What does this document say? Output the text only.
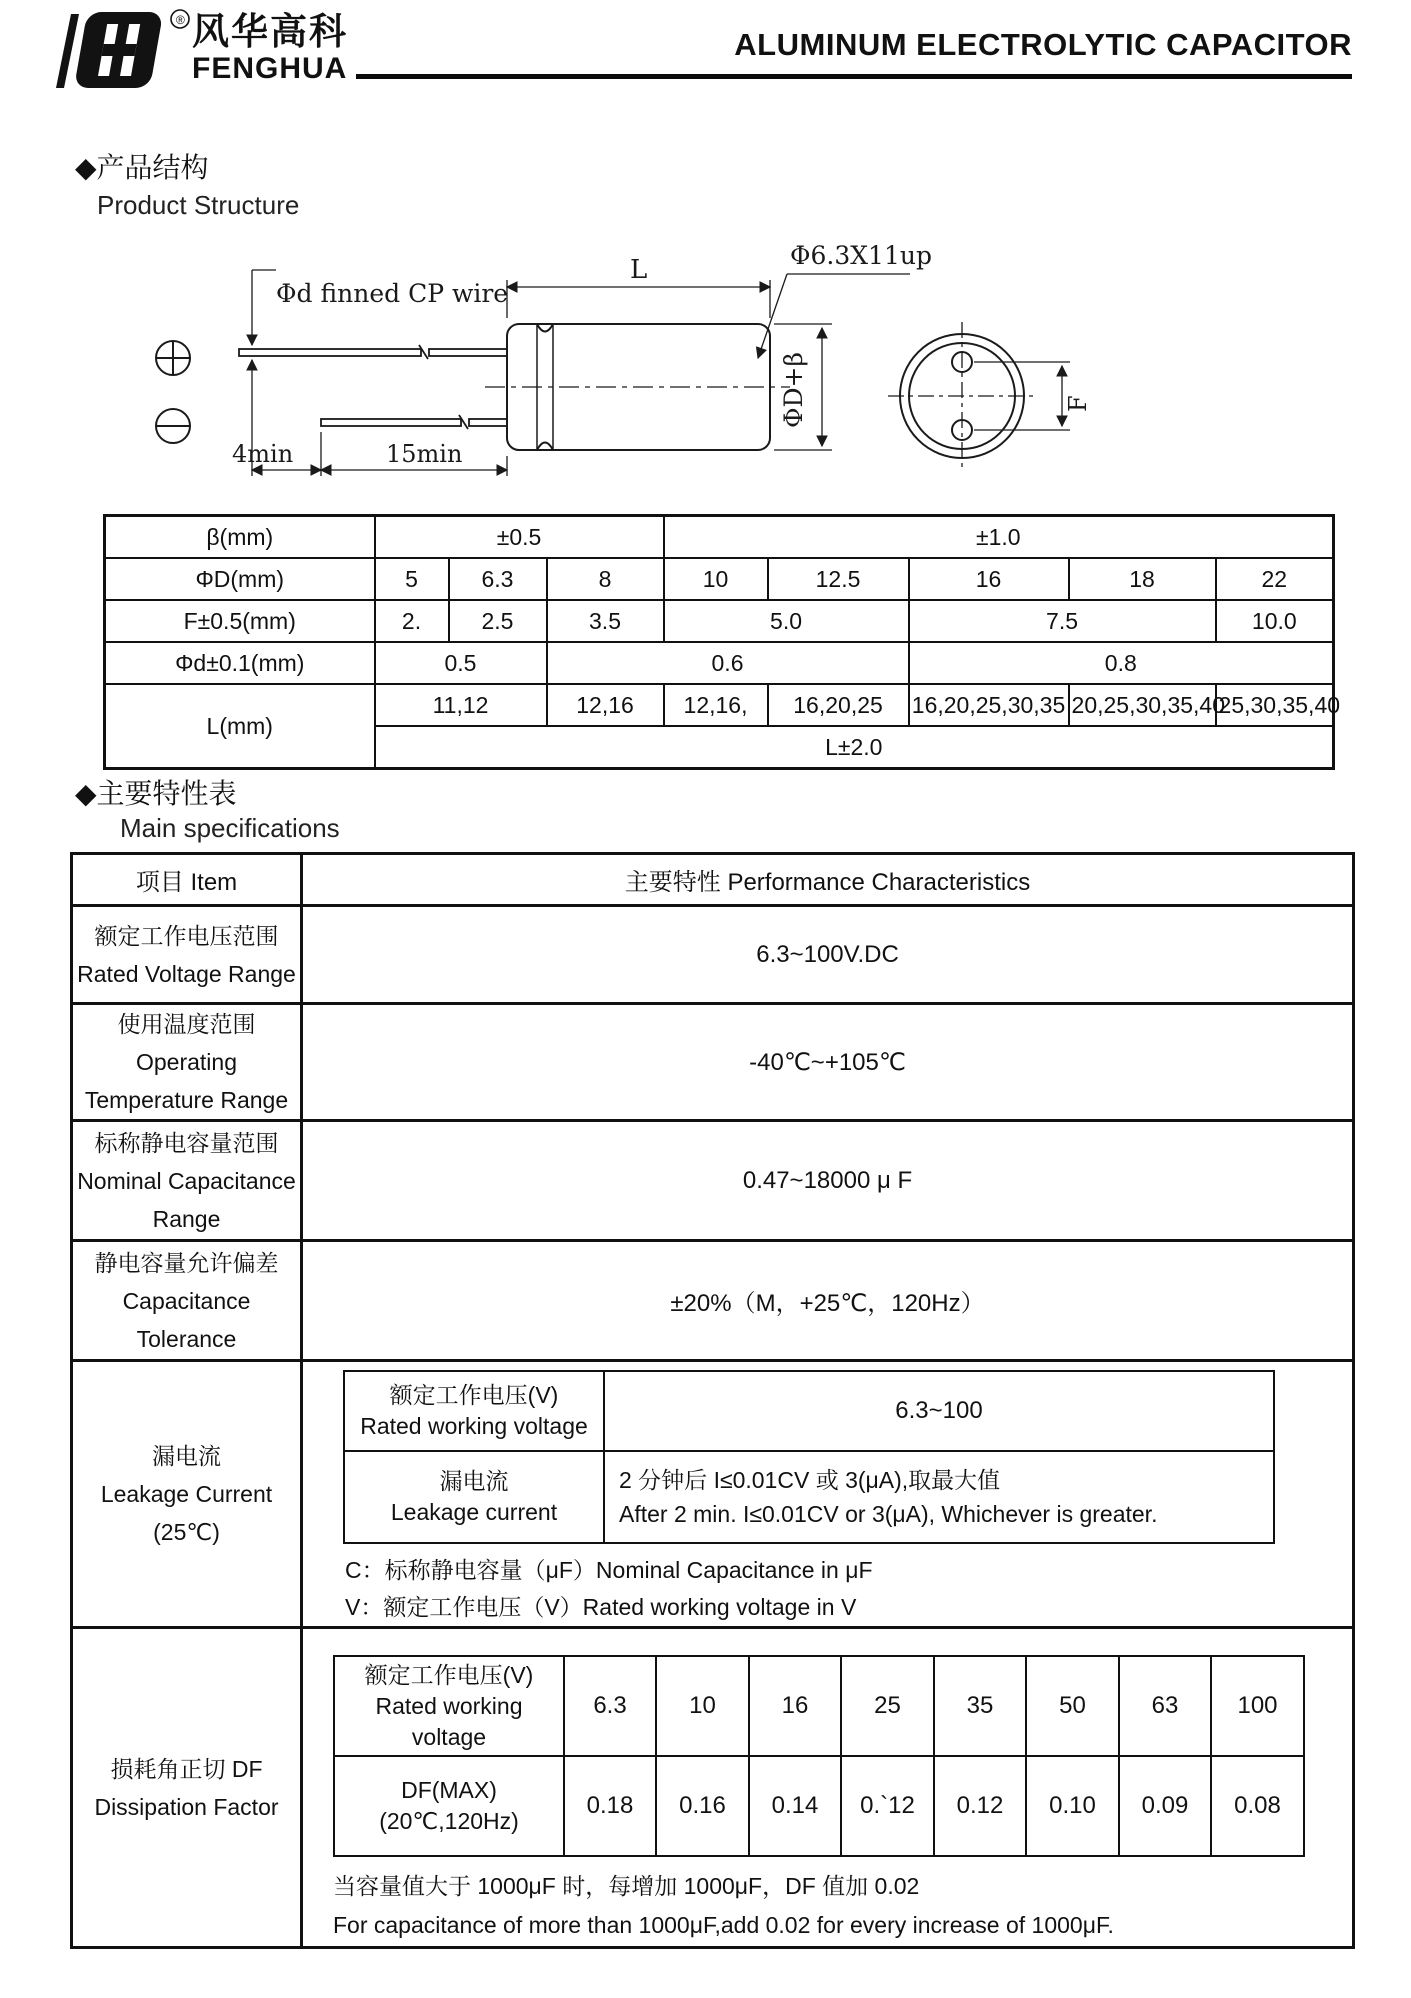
® 风华高科
FENGHUA
ALUMINUM ELECTROLYTIC CAPACITOR
◆产品结构
Product Structure
Φd finned CP wire
L	Φ6.3X11up
ΦD+β
4min	15min
F
β(mm)	±0.5			±1.0				
ΦD(mm)	5	6.3	8	10	12.5	16	18	22
F±0.5(mm)	2.	2.5	3.5	5.0		7.5		10.0
Φd±0.1(mm)	0.5		0.6			0.8		
L(mm)	11,12		12,16	12,16,	16,20,25	16,20,25,30,35	20,25,30,35,40	25,30,35,40
	L±2.0							
◆主要特性表
Main specifications
项目 Item	主要特性 Performance Characteristics

额定工作电压范围
Rated Voltage Range
	6.3~100V.DC

使用温度范围
Operating
Temperature Range
	-40℃~+105℃

标称静电容量范围
Nominal Capacitance
Range
	0.47~18000 μ F

静电容量允许偏差
Capacitance
Tolerance
	±20%（M，+25℃，120Hz）

漏电流
Leakage Current
(25℃)

额定工作电压(V)
Rated working voltage
	6.3~100

漏电流
Leakage current

2 分钟后 I≤0.01CV 或 3(μA),取最大值
After 2 min. I≤0.01CV or 3(μA), Whichever is greater.
C：标称静电容量（μF）Nominal Capacitance in μF
V：额定工作电压（V）Rated working voltage in V

损耗角正切 DF
Dissipation Factor

额定工作电压(V)
Rated working voltage
	6.3	10	16	25	35	50	63	100

DF(MAX)
(20℃,120Hz)
	0.18	0.16	0.14	0.`12	0.12	0.10	0.09	0.08
当容量值大于 1000μF 时，每增加 1000μF，DF 值加 0.02
For capacitance of more than 1000μF,add 0.02 for every increase of 1000μF.
